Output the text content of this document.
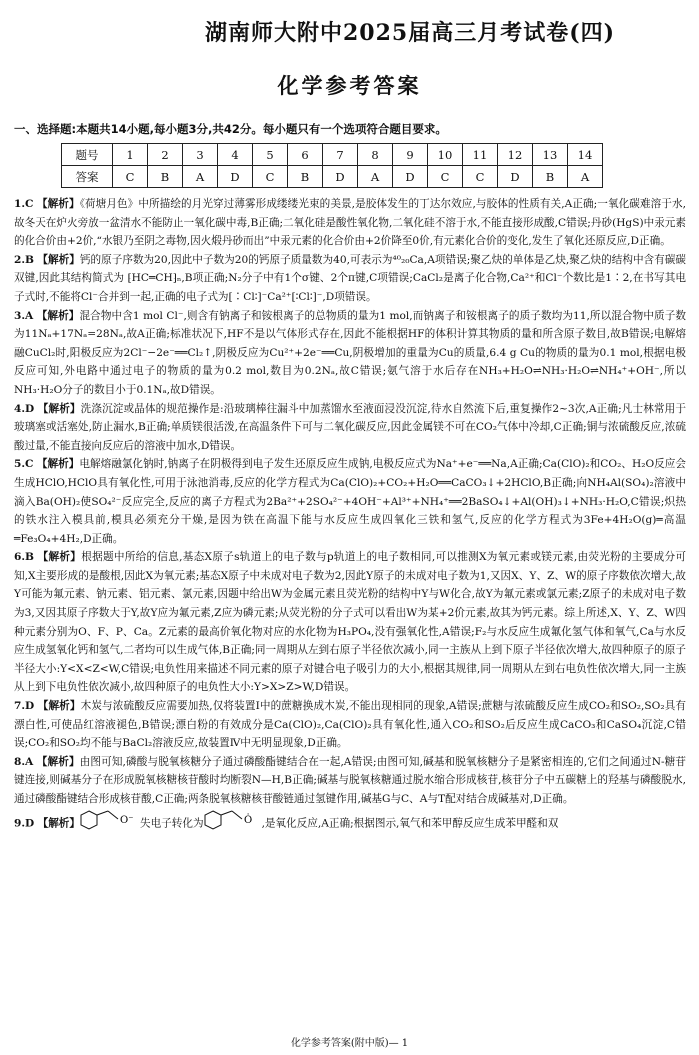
湖南师大附中2025届高三月考试卷(四)
化学参考答案
一、选择题:本题共14小题,每小题3分,共42分。每小题只有一个选项符合题目要求。
题号	1	2	3	4	5	6	7	8	9	10	11	12	13	14
答案	C	B	A	D	C	B	D	A	D	C	C	D	B	A

1.C 【解析】《荷塘月色》中所描绘的月光穿过薄雾形成缕缕光束的美景,是胶体发生的丁达尔效应,与胶体的性质有关,A正确;一氧化碳难溶于水,故冬天在炉火旁放一盆清水不能防止一氧化碳中毒,B正确;二氧化硅是酸性氧化物,二氧化硅不溶于水,不能直接形成酸,C错误;丹砂(HgS)中汞元素的化合价由+2价,“水银乃至阴之毒物,因火煅丹砂而出”中汞元素的化合价由+2价降至0价,有元素化合价的变化,发生了氧化还原反应,D正确。

2.B 【解析】钙的原子序数为20,因此中子数为20的钙原子质量数为40,可表示为⁴⁰₂₀Ca,A项错误;聚乙炔的单体是乙炔,聚乙炔的结构中含有碳碳双键,因此其结构简式为 ⁅HC═CH⁆ₙ,B项正确;N₂分子中有1个σ键、2个π键,C项错误;CaCl₂是离子化合物,Ca²⁺和Cl⁻个数比是1∶2,在书写其电子式时,不能将Cl⁻合并到一起,正确的电子式为[∶Cl∶]⁻Ca²⁺[∶Cl∶]⁻,D项错误。

3.A 【解析】混合物中含1 mol Cl⁻,则含有钠离子和铵根离子的总物质的量为1 mol,而钠离子和铵根离子的质子数均为11,所以混合物中质子数为11Nₐ+17Nₐ=28Nₐ,故A正确;标准状况下,HF不是以气体形式存在,因此不能根据HF的体积计算其物质的量和所含原子数目,故B错误;电解熔融CuCl₂时,阳极反应为2Cl⁻−2e⁻══Cl₂↑,阴极反应为Cu²⁺+2e⁻══Cu,阴极增加的重量为Cu的质量,6.4 g Cu的物质的量为0.1 mol,根据电极反应可知,外电路中通过电子的物质的量为0.2 mol,数目为0.2Nₐ,故C错误;氨气溶于水后存在NH₃+H₂O⇌NH₃·H₂O⇌NH₄⁺+OH⁻,所以NH₃·H₂O分子的数目小于0.1Nₐ,故D错误。

4.D 【解析】洗涤沉淀或晶体的规范操作是:沿玻璃棒往漏斗中加蒸馏水至液面浸没沉淀,待水自然流下后,重复操作2~3次,A正确;凡士林常用于玻璃塞或活塞处,防止漏水,B正确;单质镁很活泼,在高温条件下可与二氧化碳反应,因此金属镁不可在CO₂气体中冷却,C正确;铜与浓硫酸反应,浓硫酸过量,不能直接向反应后的溶液中加水,D错误。

5.C 【解析】电解熔融氯化钠时,钠离子在阴极得到电子发生还原反应生成钠,电极反应式为Na⁺+e⁻══Na,A正确;Ca(ClO)₂和CO₂、H₂O反应会生成HClO,HClO具有氧化性,可用于泳池消毒,反应的化学方程式为Ca(ClO)₂+CO₂+H₂O══CaCO₃↓+2HClO,B正确;向NH₄Al(SO₄)₂溶液中滴入Ba(OH)₂使SO₄²⁻反应完全,反应的离子方程式为2Ba²⁺+2SO₄²⁻+4OH⁻+Al³⁺+NH₄⁺══2BaSO₄↓+Al(OH)₃↓+NH₃·H₂O,C错误;炽热的铁水注入模具前,模具必须充分干燥,是因为铁在高温下能与水反应生成四氧化三铁和氢气,反应的化学方程式为3Fe+4H₂O(g)═高温═Fe₃O₄+4H₂,D正确。

6.B 【解析】根据题中所给的信息,基态X原子s轨道上的电子数与p轨道上的电子数相同,可以推测X为氧元素或镁元素,由荧光粉的主要成分可知,X主要形成的是酸根,因此X为氧元素;基态X原子中未成对电子数为2,因此Y原子的未成对电子数为1,又因X、Y、Z、W的原子序数依次增大,故Y可能为氟元素、钠元素、铝元素、氯元素,因题中给出W为金属元素且荧光粉的结构中Y与W化合,故Y为氟元素或氯元素;Z原子的未成对电子数为3,又因其原子序数大于Y,故Y应为氟元素,Z应为磷元素;从荧光粉的分子式可以看出W为某+2价元素,故其为钙元素。综上所述,X、Y、Z、W四种元素分别为O、F、P、Ca。Z元素的最高价氧化物对应的水化物为H₃PO₄,没有强氧化性,A错误;F₂与水反应生成氟化氢气体和氧气,Ca与水反应生成氢氧化钙和氢气,二者均可以生成气体,B正确;同一周期从左到右原子半径依次减小,同一主族从上到下原子半径依次增大,故四种原子的原子半径大小:Y<X<Z<W,C错误;电负性用来描述不同元素的原子对键合电子吸引力的大小,根据其规律,同一周期从左到右电负性依次增大,同一主族从上到下电负性依次减小,故四种原子的电负性大小:Y>X>Z>W,D错误。

7.D 【解析】木炭与浓硫酸反应需要加热,仅将装置Ⅰ中的蔗糖换成木炭,不能出现相同的现象,A错误;蔗糖与浓硫酸反应生成CO₂和SO₂,SO₂具有漂白性,可使品红溶液褪色,B错误;漂白粉的有效成分是Ca(ClO)₂,Ca(ClO)₂具有氧化性,通入CO₂和SO₂后反应生成CaCO₃和CaSO₄沉淀,C错误;CO₂和SO₂均不能与BaCl₂溶液反应,故装置Ⅳ中无明显现象,D正确。

8.A 【解析】由图可知,磷酸与脱氧核糖分子通过磷酸酯键结合在一起,A错误;由图可知,碱基和脱氧核糖分子是紧密相连的,它们之间通过N-糖苷键连接,则碱基分子在形成脱氧核糖核苷酸时均断裂N—H,B正确;碱基与脱氧核糖通过脱水缩合形成核苷,核苷分子中五碳糖上的羟基与磷酸脱水,通过磷酸酯键结合形成核苷酸,C正确;两条脱氧核糖核苷酸链通过氢键作用,碱基G与C、A与T配对结合成碱基对,D正确。

9.D 【解析】	O⁻ 失电子转化为	Ȯ ,是氧化反应,A正确;根据图示,氧气和苯甲醇反应生成苯甲醛和双

化学参考答案(附中版)— 1
